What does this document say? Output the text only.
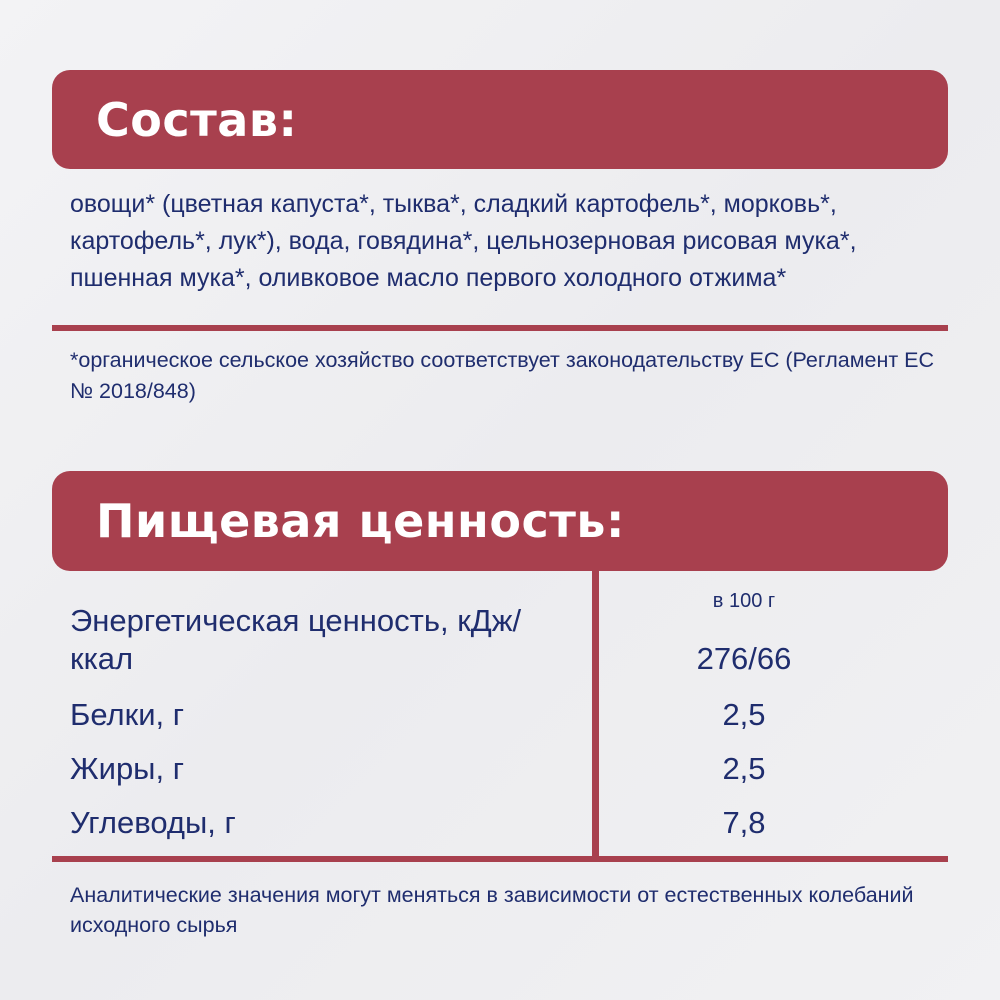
Состав:

овощи* (цветная капуста*, тыква*, сладкий картофель*, морковь*, картофель*, лук*), вода, говядина*, цельнозерновая рисовая мука*, пшенная мука*, оливковое масло первого холодного отжима*

*органическое сельское хозяйство соответствует законодательству ЕС (Регламент ЕС № 2018/848)

Пищевая ценность:
в 100 г
Энергетическая ценность, кДж/ккал	276/66
Белки, г	2,5
Жиры, г	2,5
Углеводы, г	7,8

Аналитические значения могут меняться в зависимости от естественных колебаний исходного сырья
